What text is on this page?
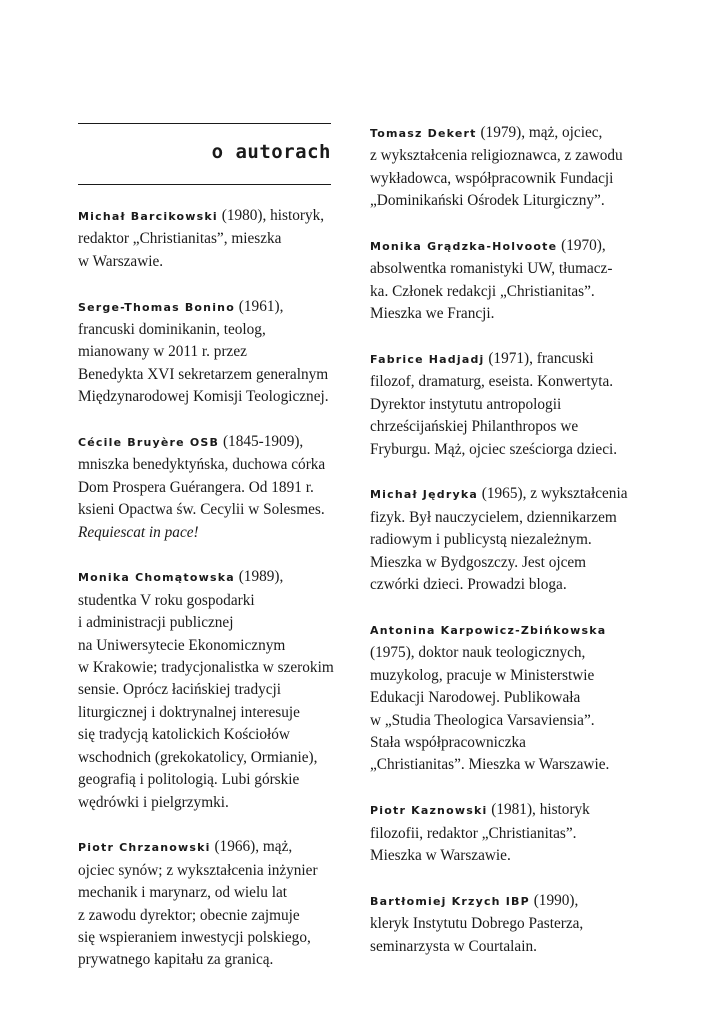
o autorach
Michał Barcikowski (1980), historyk,
redaktor „Christianitas”, mieszka
w Warszawie.
Serge-Thomas Bonino (1961),
francuski dominikanin, teolog,
mianowany w 2011 r. przez
Benedykta XVI sekretarzem generalnym
Międzynarodowej Komisji Teologicznej.
Cécile Bruyère OSB (1845-1909),
mniszka benedyktyńska, duchowa córka
Dom Prospera Guérangera. Od 1891 r.
ksieni Opactwa św. Cecylii w Solesmes.
Requiescat in pace!
Monika Chomątowska (1989),
studentka V roku gospodarki
i administracji publicznej
na Uniwersytecie Ekonomicznym
w Krakowie; tradycjonalistka w szerokim
sensie. Oprócz łacińskiej tradycji
liturgicznej i doktrynalnej interesuje
się tradycją katolickich Kościołów
wschodnich (grekokatolicy, Ormianie),
geografią i politologią. Lubi górskie
wędrówki i pielgrzymki.
Piotr Chrzanowski (1966), mąż,
ojciec synów; z wykształcenia inżynier
mechanik i marynarz, od wielu lat
z zawodu dyrektor; obecnie zajmuje
się wspieraniem inwestycji polskiego,
prywatnego kapitału za granicą.
Tomasz Dekert (1979), mąż, ojciec,
z wykształcenia religioznawca, z zawodu
wykładowca, współpracownik Fundacji
„Dominikański Ośrodek Liturgiczny”.
Monika Grądzka-Holvoote (1970),
absolwentka romanistyki UW, tłumacz-
ka. Członek redakcji „Christianitas”.
Mieszka we Francji.
Fabrice Hadjadj (1971), francuski
filozof, dramaturg, eseista. Konwertyta.
Dyrektor instytutu antropologii
chrześcijańskiej Philanthropos we
Fryburgu. Mąż, ojciec sześciorga dzieci.
Michał Jędryka (1965), z wykształcenia
fizyk. Był nauczycielem, dziennikarzem
radiowym i publicystą niezależnym.
Mieszka w Bydgoszczy. Jest ojcem
czwórki dzieci. Prowadzi bloga.
Antonina Karpowicz-Zbińkowska
(1975), doktor nauk teologicznych,
muzykolog, pracuje w Ministerstwie
Edukacji Narodowej. Publikowała
w „Studia Theologica Varsaviensia”.
Stała współpracowniczka
„Christianitas”. Mieszka w Warszawie.
Piotr Kaznowski (1981), historyk
filozofii, redaktor „Christianitas”.
Mieszka w Warszawie.
Bartłomiej Krzych IBP (1990),
kleryk Instytutu Dobrego Pasterza,
seminarzysta w Courtalain.
